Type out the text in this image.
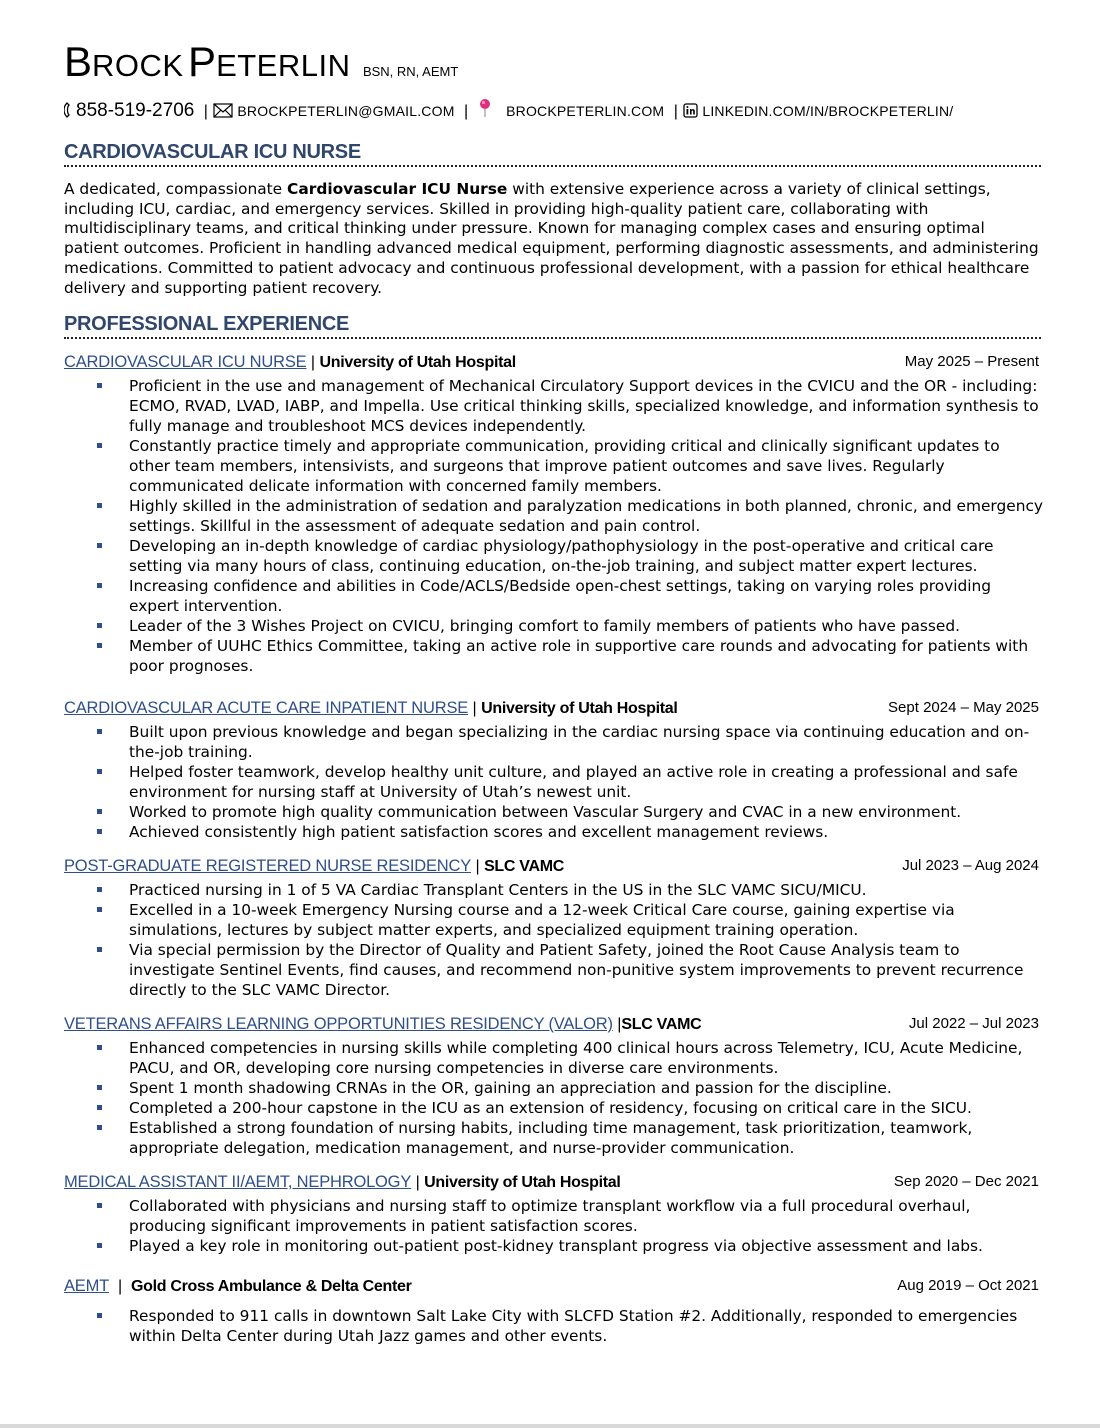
BROCK PETERLIN BSN, RN, AEMT
858-519-2706 | BROCKPETERLIN@GMAIL.COM |	BROCKPETERLIN.COM | LINKEDIN.COM/IN/BROCKPETERLIN/
CARDIOVASCULAR ICU NURSE
A dedicated, compassionate Cardiovascular ICU Nurse with extensive experience across a variety of clinical settings, including ICU, cardiac, and emergency services. Skilled in providing high-quality patient care, collaborating with multidisciplinary teams, and critical thinking under pressure. Known for managing complex cases and ensuring optimal patient outcomes. Proficient in handling advanced medical equipment, performing diagnostic assessments, and administering medications. Committed to patient advocacy and continuous professional development, with a passion for ethical healthcare delivery and supporting patient recovery.
PROFESSIONAL EXPERIENCE
CARDIOVASCULAR ICU NURSE | University of Utah Hospital	May 2025 – Present
Proficient in the use and management of Mechanical Circulatory Support devices in the CVICU and the OR - including: ECMO, RVAD, LVAD, IABP, and Impella. Use critical thinking skills, specialized knowledge, and information synthesis to fully manage and troubleshoot MCS devices independently.
Constantly practice timely and appropriate communication, providing critical and clinically significant updates to other team members, intensivists, and surgeons that improve patient outcomes and save lives. Regularly communicated delicate information with concerned family members.
Highly skilled in the administration of sedation and paralyzation medications in both planned, chronic, and emergency settings. Skillful in the assessment of adequate sedation and pain control.
Developing an in-depth knowledge of cardiac physiology/pathophysiology in the post-operative and critical care setting via many hours of class, continuing education, on-the-job training, and subject matter expert lectures.
Increasing confidence and abilities in Code/ACLS/Bedside open-chest settings, taking on varying roles providing expert intervention.
Leader of the 3 Wishes Project on CVICU, bringing comfort to family members of patients who have passed.
Member of UUHC Ethics Committee, taking an active role in supportive care rounds and advocating for patients with poor prognoses.
CARDIOVASCULAR ACUTE CARE INPATIENT NURSE | University of Utah Hospital	Sept 2024 – May 2025
Built upon previous knowledge and began specializing in the cardiac nursing space via continuing education and on-the-job training.
Helped foster teamwork, develop healthy unit culture, and played an active role in creating a professional and safe environment for nursing staff at University of Utah’s newest unit.
Worked to promote high quality communication between Vascular Surgery and CVAC in a new environment.
Achieved consistently high patient satisfaction scores and excellent management reviews.
POST-GRADUATE REGISTERED NURSE RESIDENCY | SLC VAMC	Jul 2023 – Aug 2024
Practiced nursing in 1 of 5 VA Cardiac Transplant Centers in the US in the SLC VAMC SICU/MICU.
Excelled in a 10-week Emergency Nursing course and a 12-week Critical Care course, gaining expertise via simulations, lectures by subject matter experts, and specialized equipment training operation.
Via special permission by the Director of Quality and Patient Safety, joined the Root Cause Analysis team to investigate Sentinel Events, find causes, and recommend non-punitive system improvements to prevent recurrence directly to the SLC VAMC Director.
VETERANS AFFAIRS LEARNING OPPORTUNITIES RESIDENCY (VALOR) |SLC VAMC	Jul 2022 – Jul 2023
Enhanced competencies in nursing skills while completing 400 clinical hours across Telemetry, ICU, Acute Medicine, PACU, and OR, developing core nursing competencies in diverse care environments.
Spent 1 month shadowing CRNAs in the OR, gaining an appreciation and passion for the discipline.
Completed a 200-hour capstone in the ICU as an extension of residency, focusing on critical care in the SICU.
Established a strong foundation of nursing habits, including time management, task prioritization, teamwork, appropriate delegation, medication management, and nurse-provider communication.
MEDICAL ASSISTANT II/AEMT, NEPHROLOGY | University of Utah Hospital	Sep 2020 – Dec 2021
Collaborated with physicians and nursing staff to optimize transplant workflow via a full procedural overhaul, producing significant improvements in patient satisfaction scores.
Played a key role in monitoring out-patient post-kidney transplant progress via objective assessment and labs.
AEMT  |  Gold Cross Ambulance & Delta Center	Aug 2019 – Oct 2021
Responded to 911 calls in downtown Salt Lake City with SLCFD Station #2. Additionally, responded to emergencies within Delta Center during Utah Jazz games and other events.
